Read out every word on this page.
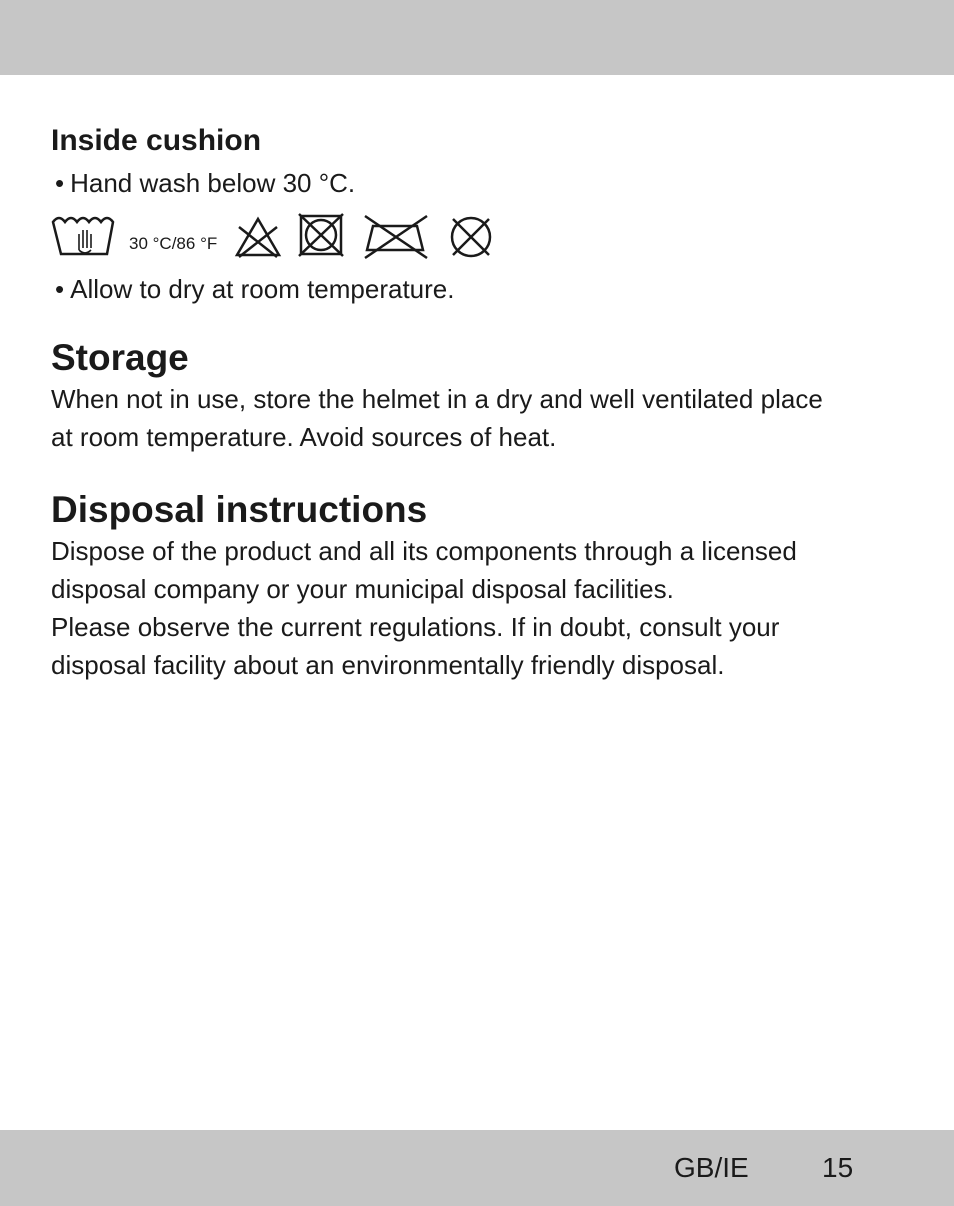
Inside cushion

• Hand wash below 30 °C.

30 °C/86 °F

• Allow to dry at room temperature.

Storage

When not in use, store the helmet in a dry and well ventilated place

at room temperature. Avoid sources of heat.

Disposal instructions

Dispose of the product and all its components through a licensed

disposal company or your municipal disposal facilities.

Please observe the current regulations. If in doubt, consult your

disposal facility about an environmentally friendly disposal.

GB/IE	15
